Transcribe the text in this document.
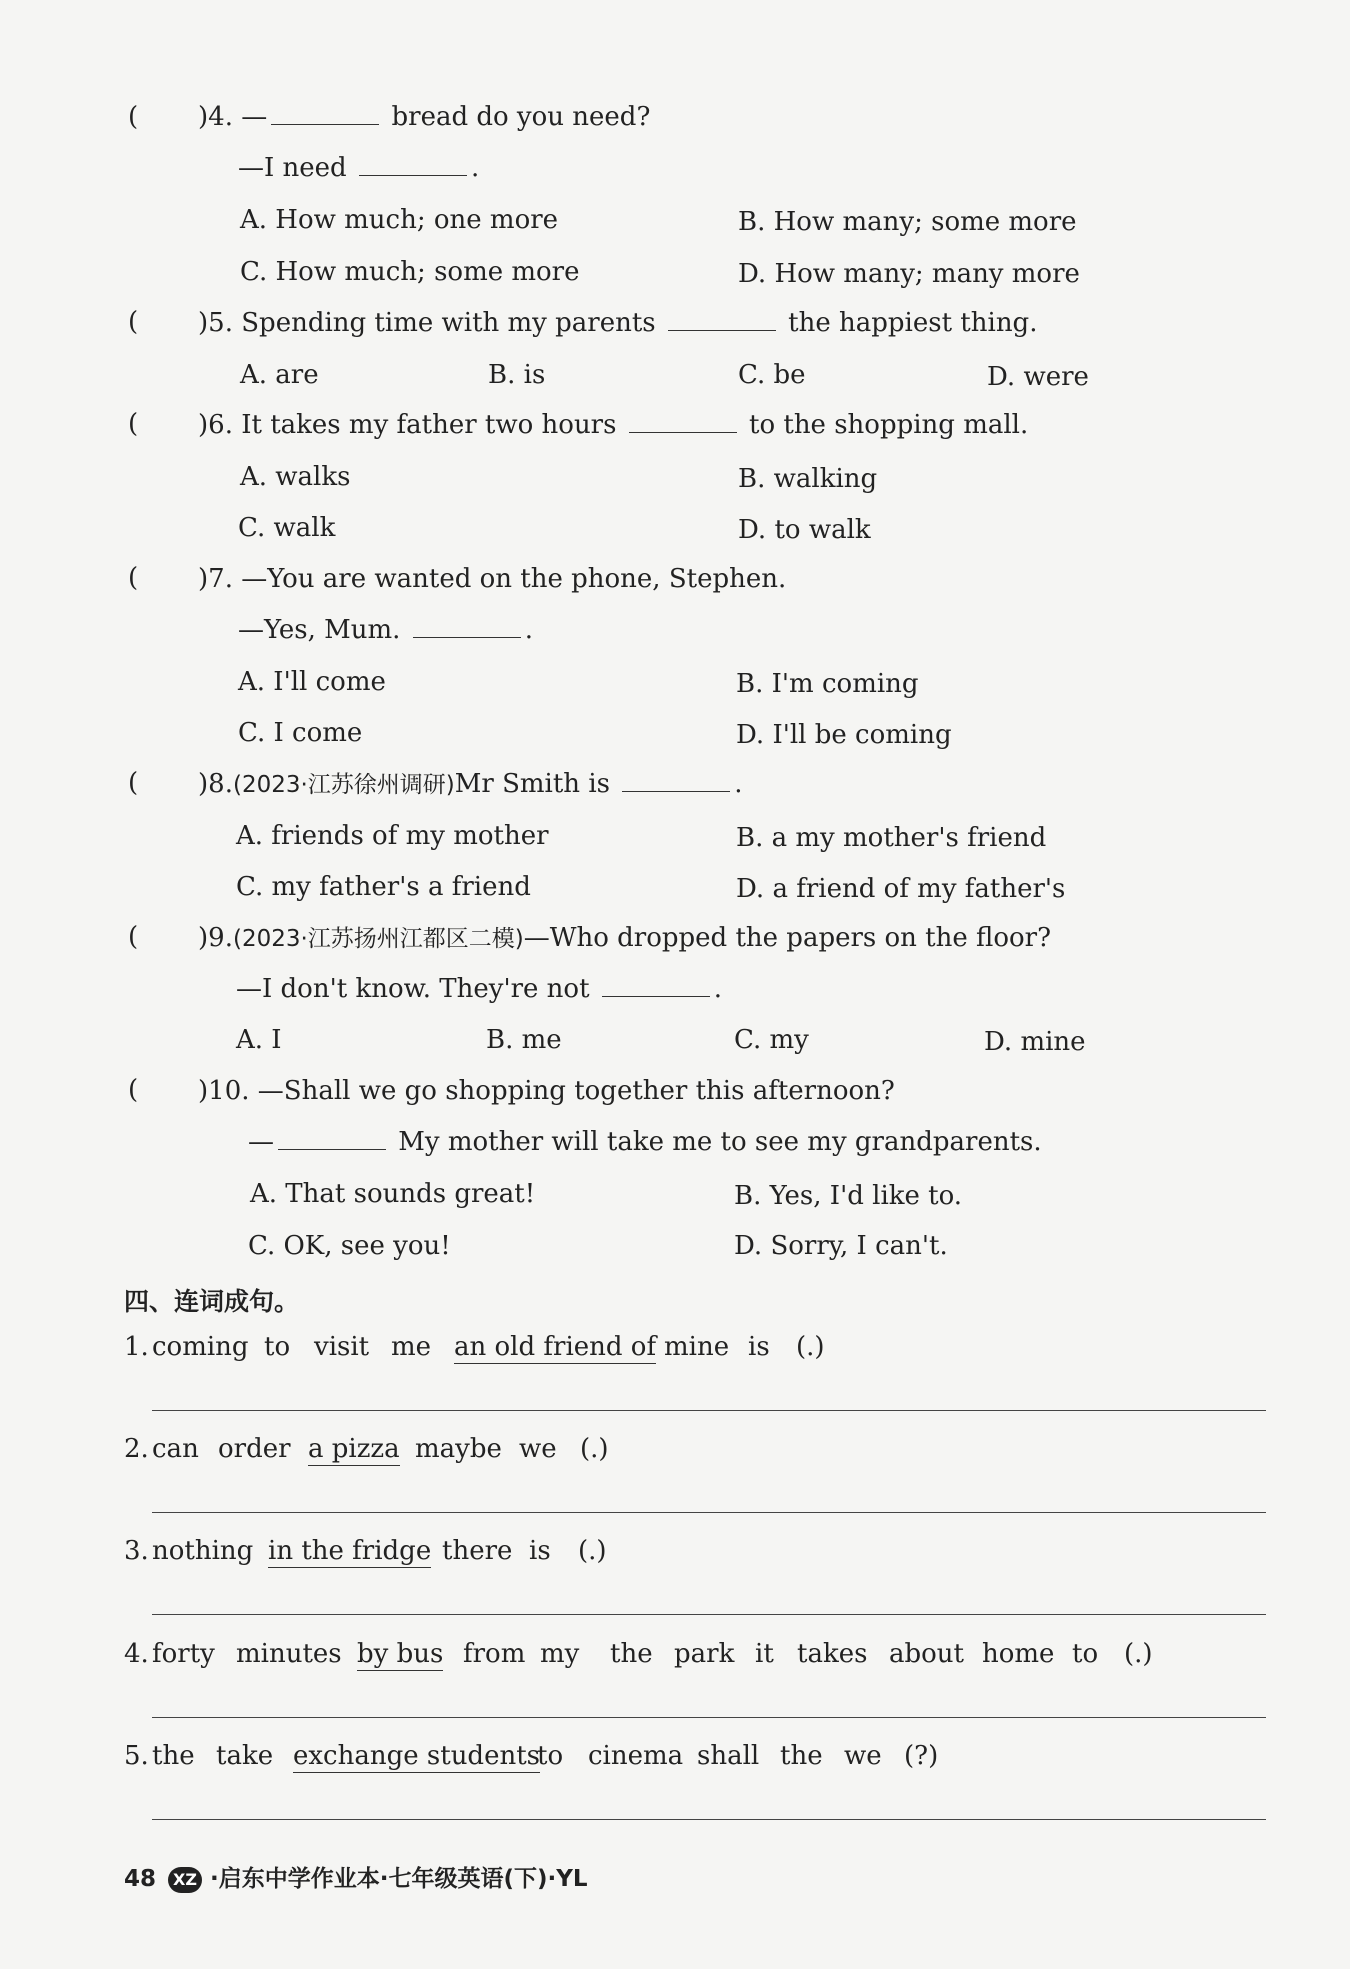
( )4. —	bread do you need?
—I need	.
A. How much; one more	B. How many; some more
C. How much; some more	D. How many; many more
( )5. Spending time with my parents	the happiest thing.
A. are	B. is	C. be	D. were
( )6. It takes my father two hours	to the shopping mall.
A. walks	B. walking
C. walk	D. to walk
( )7. —You are wanted on the phone, Stephen.
—Yes, Mum.	.
A. I'll come	B. I'm coming
C. I come	D. I'll be coming
( )8.(2023·江苏徐州调研)Mr Smith is	.
A. friends of my mother	B. a my mother's friend
C. my father's a friend	D. a friend of my father's
( )9.(2023·江苏扬州江都区二模)—Who dropped the papers on the floor?
—I don't know. They're not	.
A. I	B. me	C. my	D. mine
( )10. —Shall we go shopping together this afternoon?
—	My mother will take me to see my grandparents.
A. That sounds great!	B. Yes, I'd like to.
C. OK, see you!	D. Sorry, I can't.
四、连词成句。
1. coming to visit me an old friend of mine is (.)
2. can order a pizza maybe we (.)
3. nothing in the fridge there is (.)
4. forty minutes by bus from my the park it takes about home to (.)
5. the take exchange students
to cinema shall the we (?)
48 XZ ·启东中学作业本·七年级英语(下)·YL
